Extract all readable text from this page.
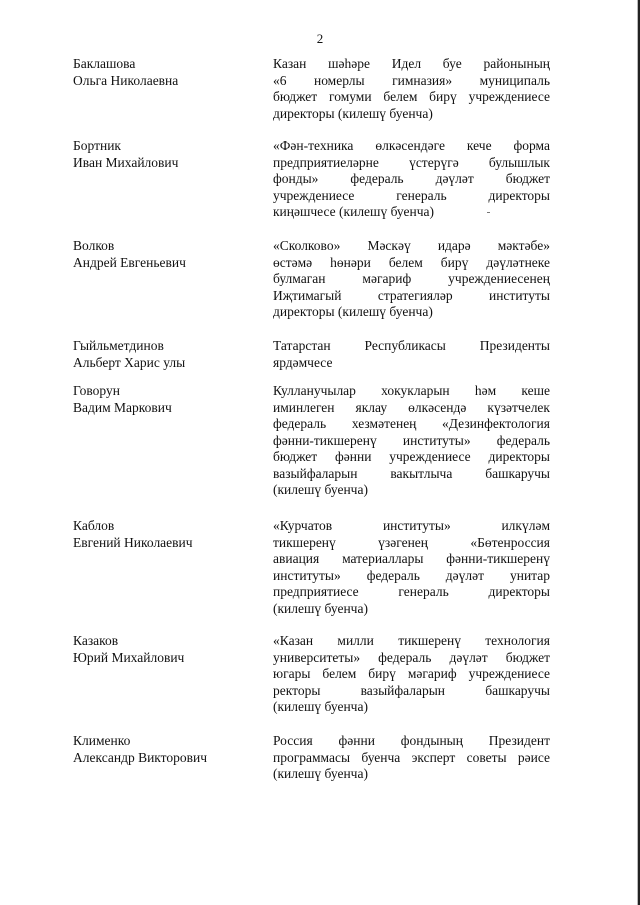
2
Баклашова
Ольга Николаевна
Казан шәһәре Идел буе районының
«6 номерлы гимназия» муниципаль
бюджет гомуми белем бирү учреждениесе
директоры (килешү буенча)
Бортник
Иван Михайлович
«Фән-техника өлкәсендәге кече форма
предприятиеләрне үстерүгә булышлык
фонды» федераль дәүләт бюджет
учреждениесе генераль директоры
киңәшчесе (килешү буенча)
Волков
Андрей Евгеньевич
«Сколково» Мәскәү идарә мәктәбе»
өстәмә һөнәри белем бирү дәүләтнеке
булмаган мәгариф учреждениесенең
Иҗтимагый стратегияләр институты
директоры (килешү буенча)
Гыйльметдинов
Альберт Харис улы
Татарстан Республикасы Президенты
ярдәмчесе
Говорун
Вадим Маркович
Кулланучылар хокукларын һәм кеше
иминлеген яклау өлкәсендә күзәтчелек
федераль хезмәтенең «Дезинфектология
фәнни-тикшеренү институты» федераль
бюджет фәнни учреждениесе директоры
вазыйфаларын вакытлыча башкаручы
(килешү буенча)
Каблов
Евгений Николаевич
«Курчатов институты» илкүләм
тикшеренү үзәгенең «Бөтенроссия
авиация материаллары фәнни-тикшеренү
институты» федераль дәүләт унитар
предприятиесе генераль директоры
(килешү буенча)
Казаков
Юрий Михайлович
«Казан милли тикшеренү технология
университеты» федераль дәүләт бюджет
югары белем бирү мәгариф учреждениесе
ректоры вазыйфаларын башкаручы
(килешү буенча)
Клименко
Александр Викторович
Россия фәнни фондының Президент
программасы буенча эксперт советы рәисе
(килешү буенча)
